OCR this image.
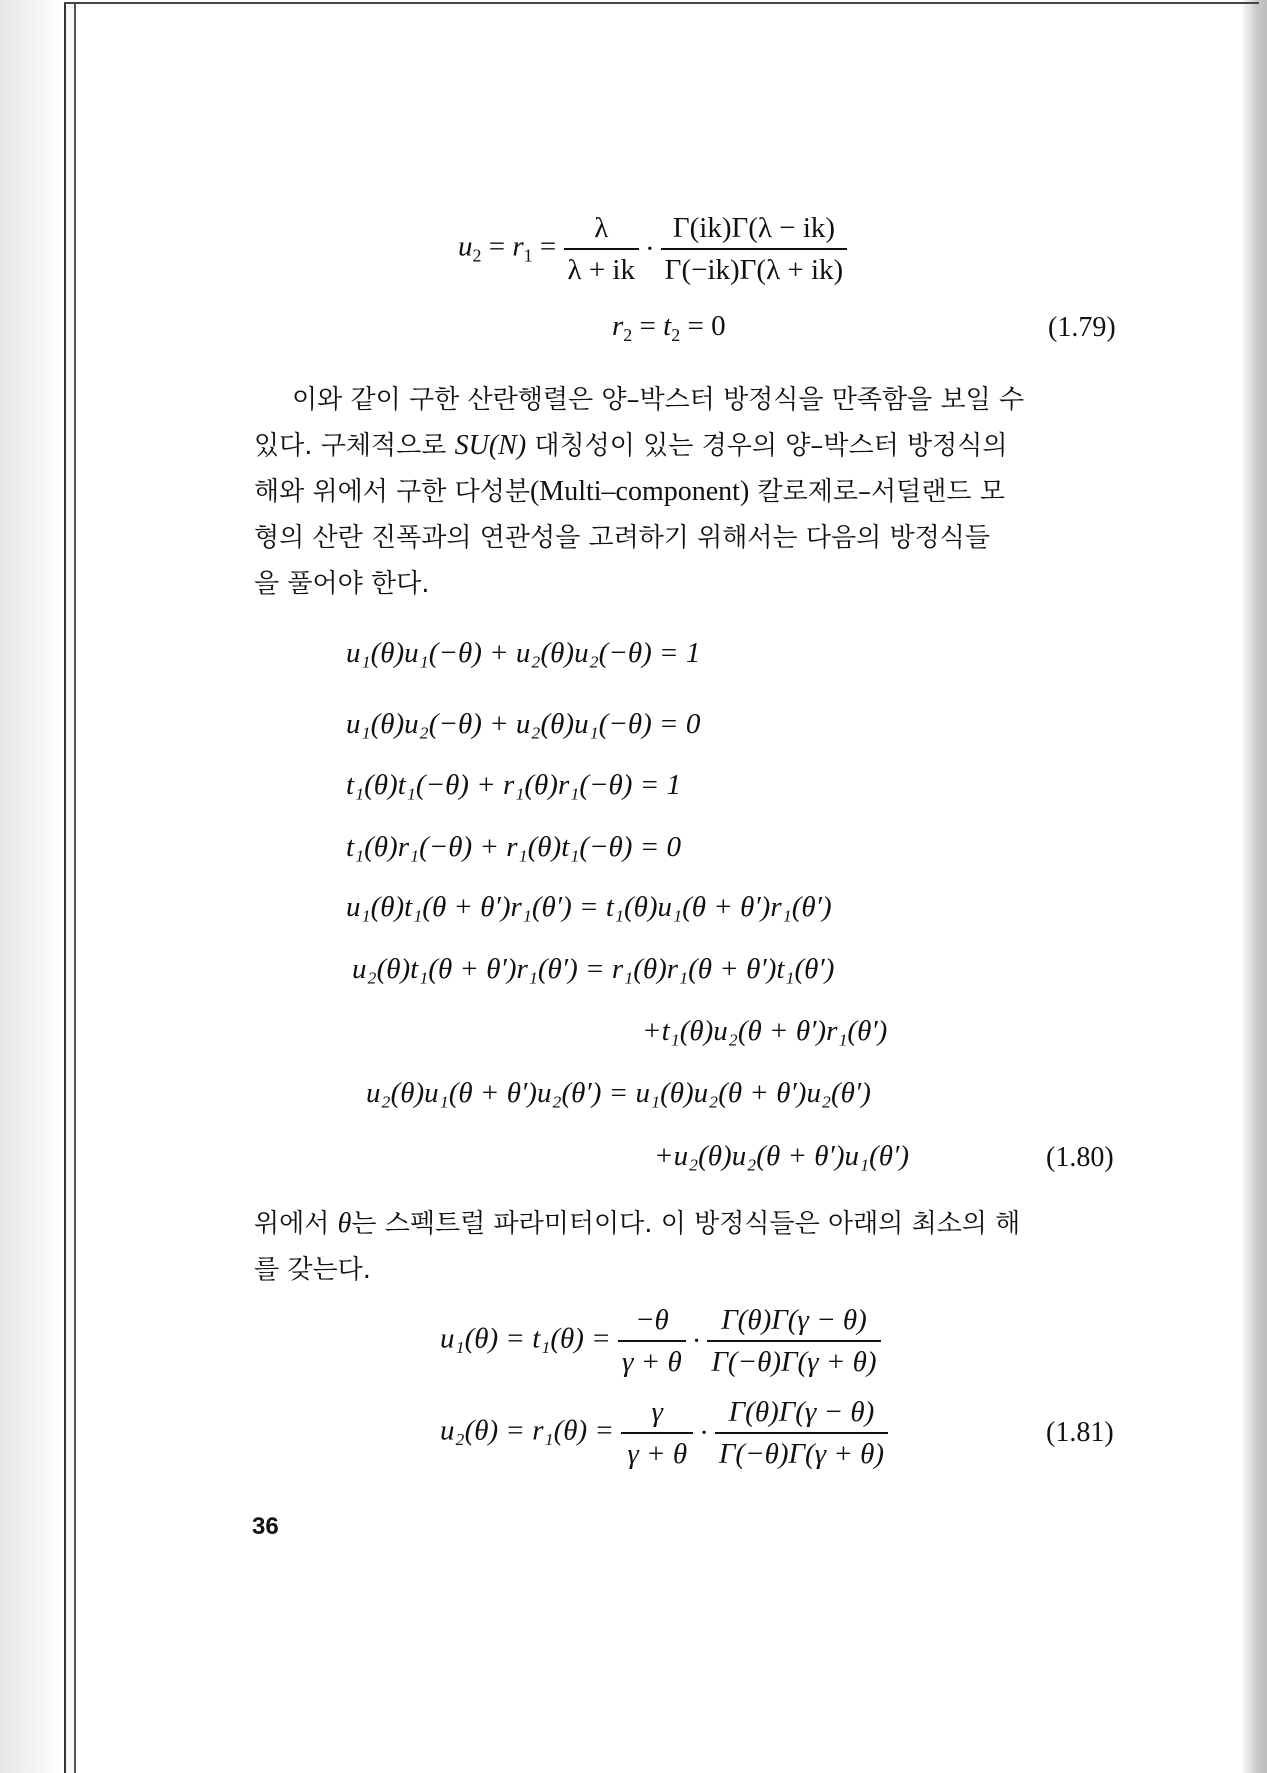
$u_2 = r_1 = \frac{\lambda}{\lambda + ik} \cdot \frac{\Gamma(ik)\Gamma(\lambda - ik)}{\Gamma(-ik)\Gamma(\lambda + ik)}$
$r_2 = t_2 = 0$	(1.79)
이와 같이 구한 산란행렬은 양–박스터 방정식을 만족함을 보일 수
있다. 구체적으로 SU(N) 대칭성이 있는 경우의 양–박스터 방정식의
해와 위에서 구한 다성분(Multi–component) 칼로제로–서덜랜드 모
형의 산란 진폭과의 연관성을 고려하기 위해서는 다음의 방정식들
을 풀어야 한다.
u₁(θ)u₁(−θ) + u₂(θ)u₂(−θ) = 1
u₁(θ)u₂(−θ) + u₂(θ)u₁(−θ) = 0
t₁(θ)t₁(−θ) + r₁(θ)r₁(−θ) = 1
t₁(θ)r₁(−θ) + r₁(θ)t₁(−θ) = 0
u₁(θ)t₁(θ + θ′)r₁(θ′) = t₁(θ)u₁(θ + θ′)r₁(θ′)
u₂(θ)t₁(θ + θ′)r₁(θ′) = r₁(θ)r₁(θ + θ′)t₁(θ′)
+t₁(θ)u₂(θ + θ′)r₁(θ′)
u₂(θ)u₁(θ + θ′)u₂(θ′) = u₁(θ)u₂(θ + θ′)u₂(θ′)
+u₂(θ)u₂(θ + θ′)u₁(θ′)	(1.80)
위에서 θ는 스펙트럴 파라미터이다. 이 방정식들은 아래의 최소의 해
를 갖는다.
$u_1(\theta) = t_1(\theta) = \frac{-\theta}{\gamma + \theta} \cdot \frac{\Gamma(\theta)\Gamma(\gamma - \theta)}{\Gamma(-\theta)\Gamma(\gamma + \theta)}$
$u_2(\theta) = r_1(\theta) = \frac{\gamma}{\gamma + \theta} \cdot \frac{\Gamma(\theta)\Gamma(\gamma - \theta)}{\Gamma(-\theta)\Gamma(\gamma + \theta)}$	(1.81)
36
